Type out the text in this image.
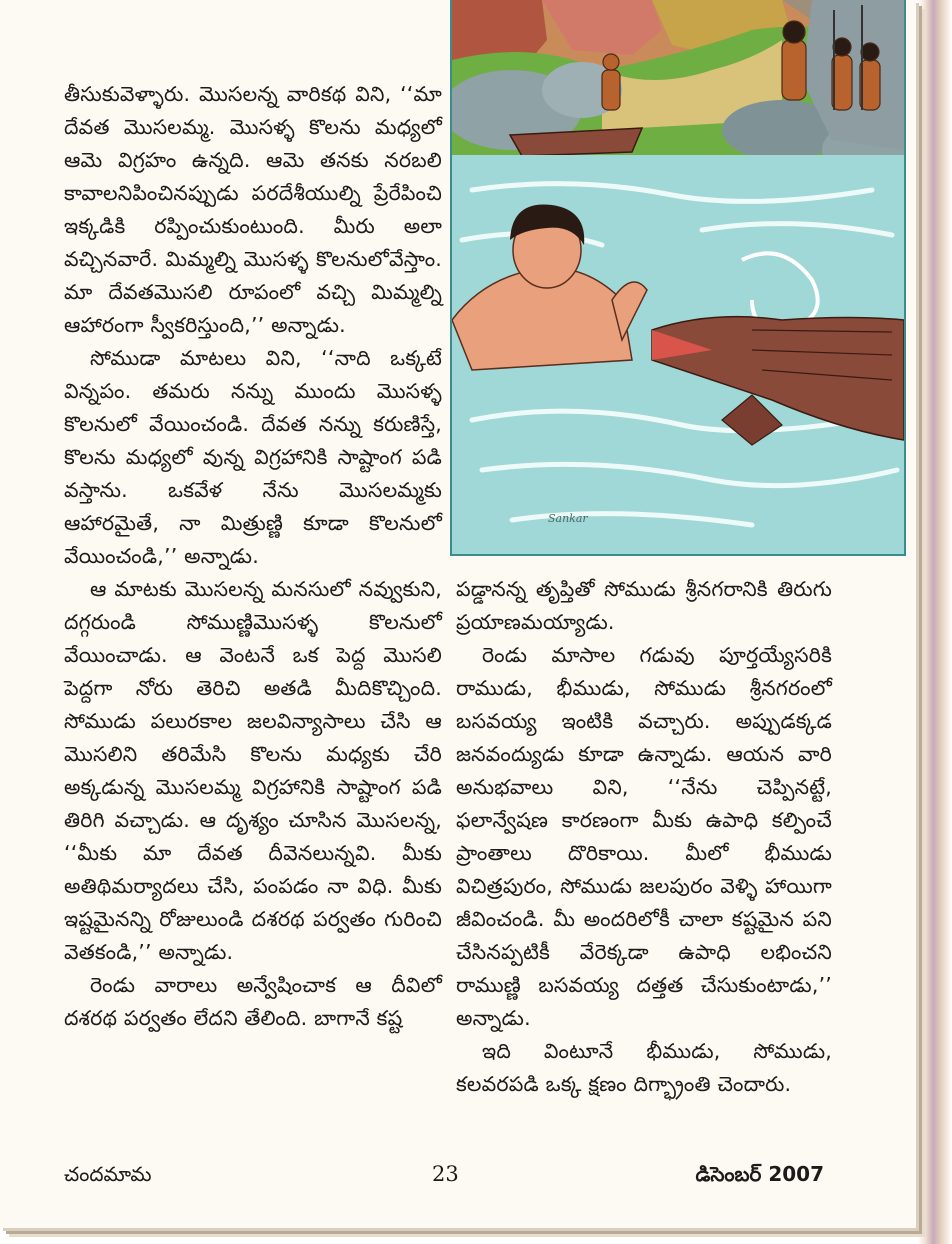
Sankar

తీసుకువెళ్ళారు. మొసలన్న వారికథ విని, ‘‘మా దేవత మొసలమ్మ. మొసళ్ళ కొలను మధ్యలో ఆమె విగ్రహం ఉన్నది. ఆమె తనకు నరబలి కావాలనిపించినప్పుడు పరదేశీయుల్ని ప్రేరేపించి ఇక్కడికి రప్పించుకుంటుంది. మీరు అలా వచ్చినవారే. మిమ్మల్ని మొసళ్ళ కొలనులోవేస్తాం. మా దేవతమొసలి రూపంలో వచ్చి మిమ్మల్ని ఆహారంగా స్వీకరిస్తుంది,’’ అన్నాడు.

సోముడా మాటలు విని, ‘‘నాది ఒక్కటే విన్నపం. తమరు నన్ను ముందు మొసళ్ళ కొలనులో వేయించండి. దేవత నన్ను కరుణిస్తే, కొలను మధ్యలో వున్న విగ్రహానికి సాష్టాంగ పడి వస్తాను. ఒకవేళ నేను మొసలమ్మకు ఆహారమైతే, నా మిత్రుణ్ణి కూడా కొలనులో వేయించండి,’’ అన్నాడు.

ఆ మాటకు మొసలన్న మనసులో నవ్వుకుని, దగ్గరుండి సోముణ్ణిమొసళ్ళ కొలనులో వేయించాడు. ఆ వెంటనే ఒక పెద్ద మొసలి పెద్దగా నోరు తెరిచి అతడి మీదికొచ్చింది. సోముడు పలురకాల జలవిన్యాసాలు చేసి ఆ మొసలిని తరిమేసి కొలను మధ్యకు చేరి అక్కడున్న మొసలమ్మ విగ్రహానికి సాష్టాంగ పడి తిరిగి వచ్చాడు. ఆ దృశ్యం చూసిన మొసలన్న, ‘‘మీకు మా దేవత దీవెనలున్నవి. మీకు అతిథిమర్యాదలు చేసి, పంపడం నా విధి. మీకు ఇష్టమైనన్ని రోజులుండి దశరథ పర్వతం గురించి వెతకండి,’’ అన్నాడు.

రెండు వారాలు అన్వేషించాక ఆ దీవిలో దశరథ పర్వతం లేదని తేలింది. బాగానే కష్ట

పడ్డానన్న తృప్తితో సోముడు శ్రీనగరానికి తిరుగు ప్రయాణమయ్యాడు.

రెండు మాసాల గడువు పూర్తయ్యేసరికి రాముడు, భీముడు, సోముడు శ్రీనగరంలో బసవయ్య ఇంటికి వచ్చారు. అప్పుడక్కడ జనవంద్యుడు కూడా ఉన్నాడు. ఆయన వారి అనుభవాలు విని, ‘‘నేను చెప్పినట్టే, ఫలాన్వేషణ కారణంగా మీకు ఉపాధి కల్పించే ప్రాంతాలు దొరికాయి. మీలో భీముడు విచిత్రపురం, సోముడు జలపురం వెళ్ళి హాయిగా జీవించండి. మీ అందరిలోకీ చాలా కష్టమైన పని చేసినప్పటికీ వేరెక్కడా ఉపాధి లభించని రాముణ్ణి బసవయ్య దత్తత చేసుకుంటాడు,’’ అన్నాడు.

ఇది వింటూనే భీముడు, సోముడు, కలవరపడి ఒక్క క్షణం దిగ్భ్రాంతి చెందారు.

చందమామ	23	డిసెంబర్ 2007
